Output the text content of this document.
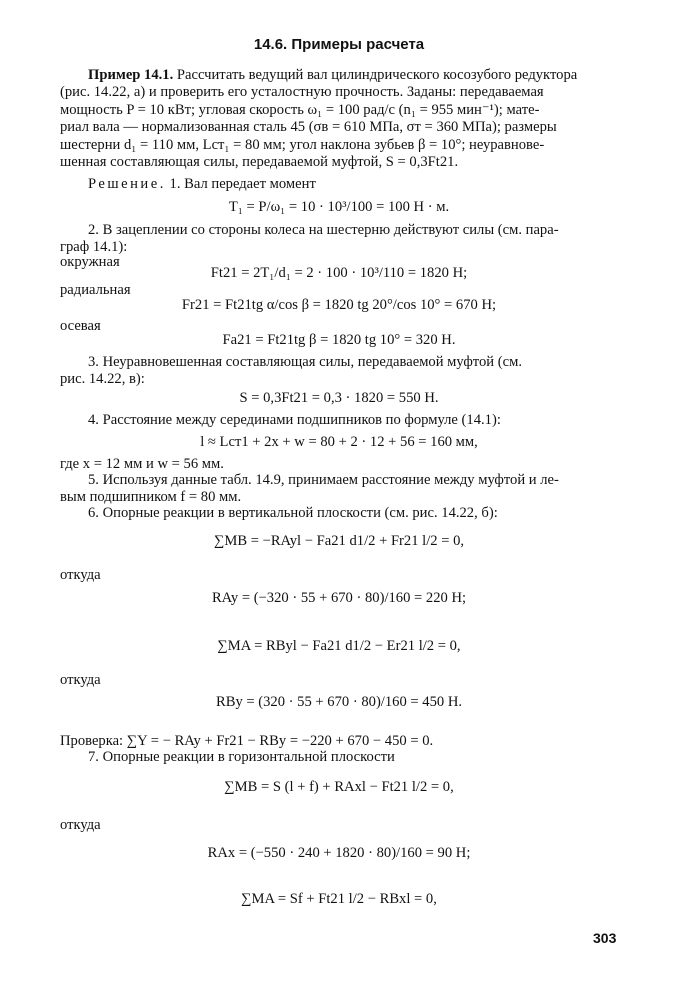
14.6. Примеры расчета
Пример 14.1. Рассчитать ведущий вал цилиндрического косозубого редуктора
(рис. 14.22, а) и проверить его усталостную прочность. Заданы: передаваемая
мощность P = 10 кВт; угловая скорость ω₁ = 100 рад/с (n₁ = 955 мин⁻¹); мате-
риал вала — нормализованная сталь 45 (σв = 610 МПа, σт = 360 МПа); размеры
шестерни d₁ = 110 мм, Lст₁ = 80 мм; угол наклона зубьев β = 10°; неуравнове-
шенная составляющая силы, передаваемой муфтой, S = 0,3Ft21.
Решение. 1. Вал передает момент
T₁ = P/ω₁ = 10 · 10³/100 = 100 Н · м.
2. В зацеплении со стороны колеса на шестерню действуют силы (см. пара-
граф 14.1):
окружная
Ft21 = 2T₁/d₁ = 2 · 100 · 10³/110 = 1820 Н;
радиальная
Fr21 = Ft21tg α/cos β = 1820 tg 20°/cos 10° = 670 Н;
осевая
Fa21 = Ft21tg β = 1820 tg 10° = 320 Н.
3. Неуравновешенная составляющая силы, передаваемой муфтой (см.
рис. 14.22, в):
S = 0,3Ft21 = 0,3 · 1820 = 550 Н.
4. Расстояние между серединами подшипников по формуле (14.1):
l ≈ Lст1 + 2x + w = 80 + 2 · 12 + 56 = 160 мм,
где x = 12 мм и w = 56 мм.
5. Используя данные табл. 14.9, принимаем расстояние между муфтой и ле-
вым подшипником f = 80 мм.
6. Опорные реакции в вертикальной плоскости (см. рис. 14.22, б):
∑MB = −RAyl − Fa21 d1/2 + Fr21 l/2 = 0,
откуда
RAy = (−320 · 55 + 670 · 80)/160 = 220 Н;
∑MA = RByl − Fa21 d1/2 − Er21 l/2 = 0,
откуда
RBy = (320 · 55 + 670 · 80)/160 = 450 Н.
Проверка: ∑Y = − RAy + Fr21 − RBy = −220 + 670 − 450 = 0.
7. Опорные реакции в горизонтальной плоскости
∑MB = S (l + f) + RAxl − Ft21 l/2 = 0,
откуда
RAx = (−550 · 240 + 1820 · 80)/160 = 90 Н;
∑MA = Sf + Ft21 l/2 − RBxl = 0,
303
